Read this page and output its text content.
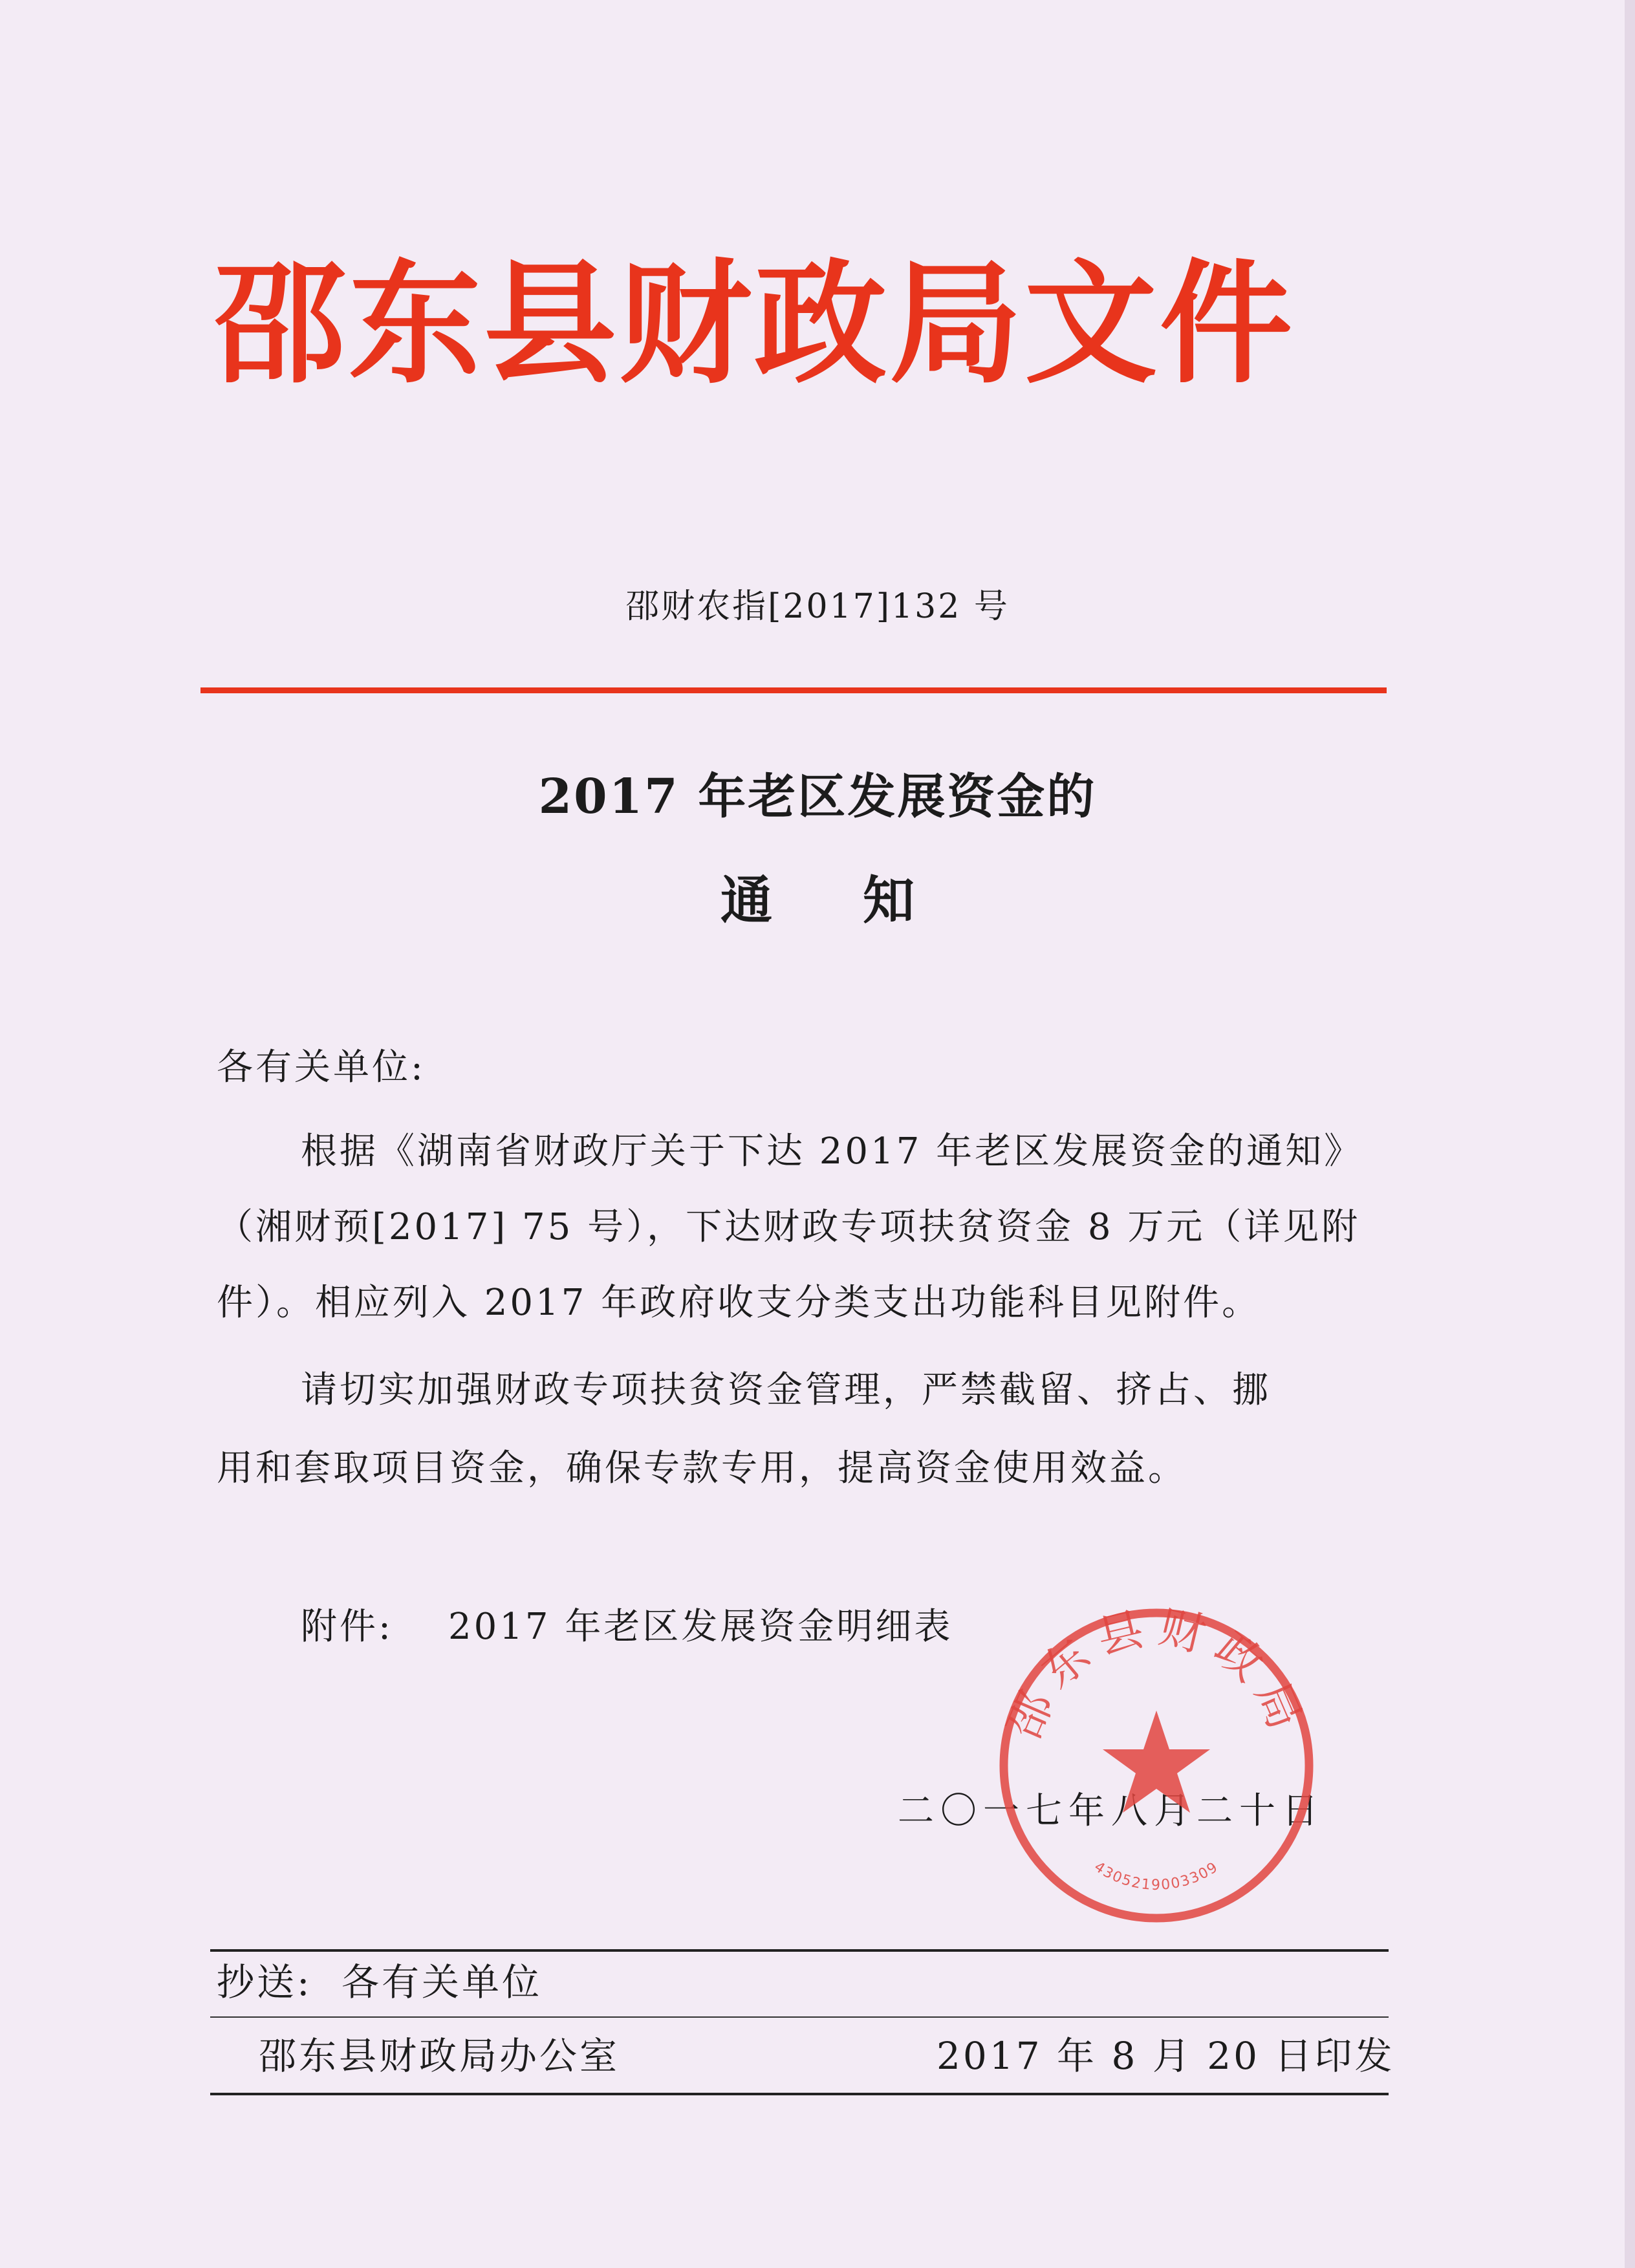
邵东县财政局文件
邵财农指[2017]132 号
2017 年老区发展资金的
通知
各有关单位:
根据《湖南省财政厅关于下达 2017 年老区发展资金的通知》
（湘财预[2017] 75 号），下达财政专项扶贫资金 8 万元（详见附
件）。相应列入 2017 年政府收支分类支出功能科目见附件。
请切实加强财政专项扶贫资金管理，严禁截留、挤占、挪
用和套取项目资金，确保专款专用，提高资金使用效益。
附件: 2017 年老区发展资金明细表
二〇一七年八月二十日
邵东县财政局
4305219003309
抄送: 各有关单位
邵东县财政局办公室	2017 年 8 月 20 日印发
